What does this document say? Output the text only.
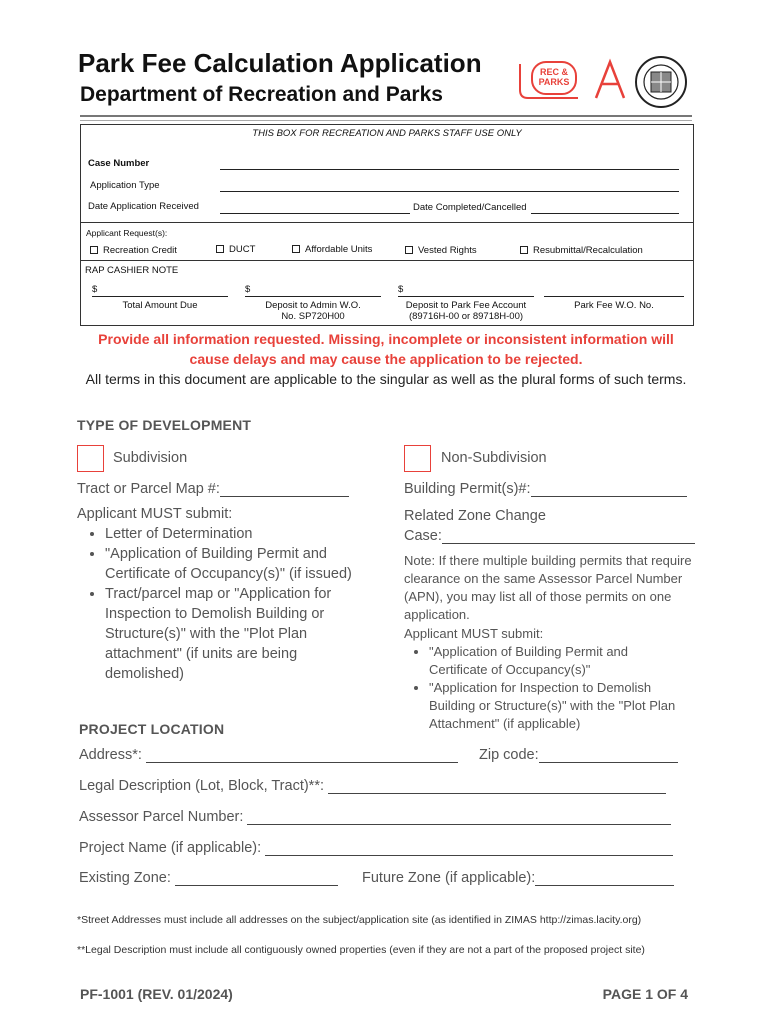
Park Fee Calculation Application
Department of Recreation and Parks
REC &
PARKS
THIS BOX FOR RECREATION AND PARKS STAFF USE ONLY
Case Number
Application Type
Date Application Received	Date Completed/Cancelled
Applicant Request(s):
Recreation Credit	DUCT	Affordable Units	Vested Rights	Resubmittal/Recalculation
RAP CASHIER NOTE
$
Total Amount Due
$
Deposit to Admin W.O.
No. SP720H00
$
Deposit to Park Fee Account
(89716H-00 or 89718H-00)
Park Fee W.O. No.
Provide all information requested. Missing, incomplete or inconsistent information will cause delays and may cause the application to be rejected.
All terms in this document are applicable to the singular as well as the plural forms of such terms.
TYPE OF DEVELOPMENT
Subdivision	Non-Subdivision
Tract or Parcel Map #:
Applicant MUST submit:
• Letter of Determination
• "Application of Building Permit and Certificate of Occupancy(s)" (if issued)
• Tract/parcel map or "Application for Inspection to Demolish Building or Structure(s)" with the "Plot Plan attachment" (if units are being demolished)
Building Permit(s)#:
Related Zone Change
Case:
Note: If there multiple building permits that require clearance on the same Assessor Parcel Number (APN), you may list all of those permits on one application.
Applicant MUST submit:
• "Application of Building Permit and Certificate of Occupancy(s)"
• "Application for Inspection to Demolish Building or Structure(s)" with the "Plot Plan Attachment" (if applicable)
PROJECT LOCATION
Address*:	Zip code:
Legal Description (Lot, Block, Tract)**:
Assessor Parcel Number:
Project Name (if applicable):
Existing Zone:	Future Zone (if applicable):
*Street Addresses must include all addresses on the subject/application site (as identified in ZIMAS http://zimas.lacity.org)
**Legal Description must include all contiguously owned properties (even if they are not a part of the proposed project site)
PF-1001 (REV. 01/2024)	PAGE 1 OF 4
